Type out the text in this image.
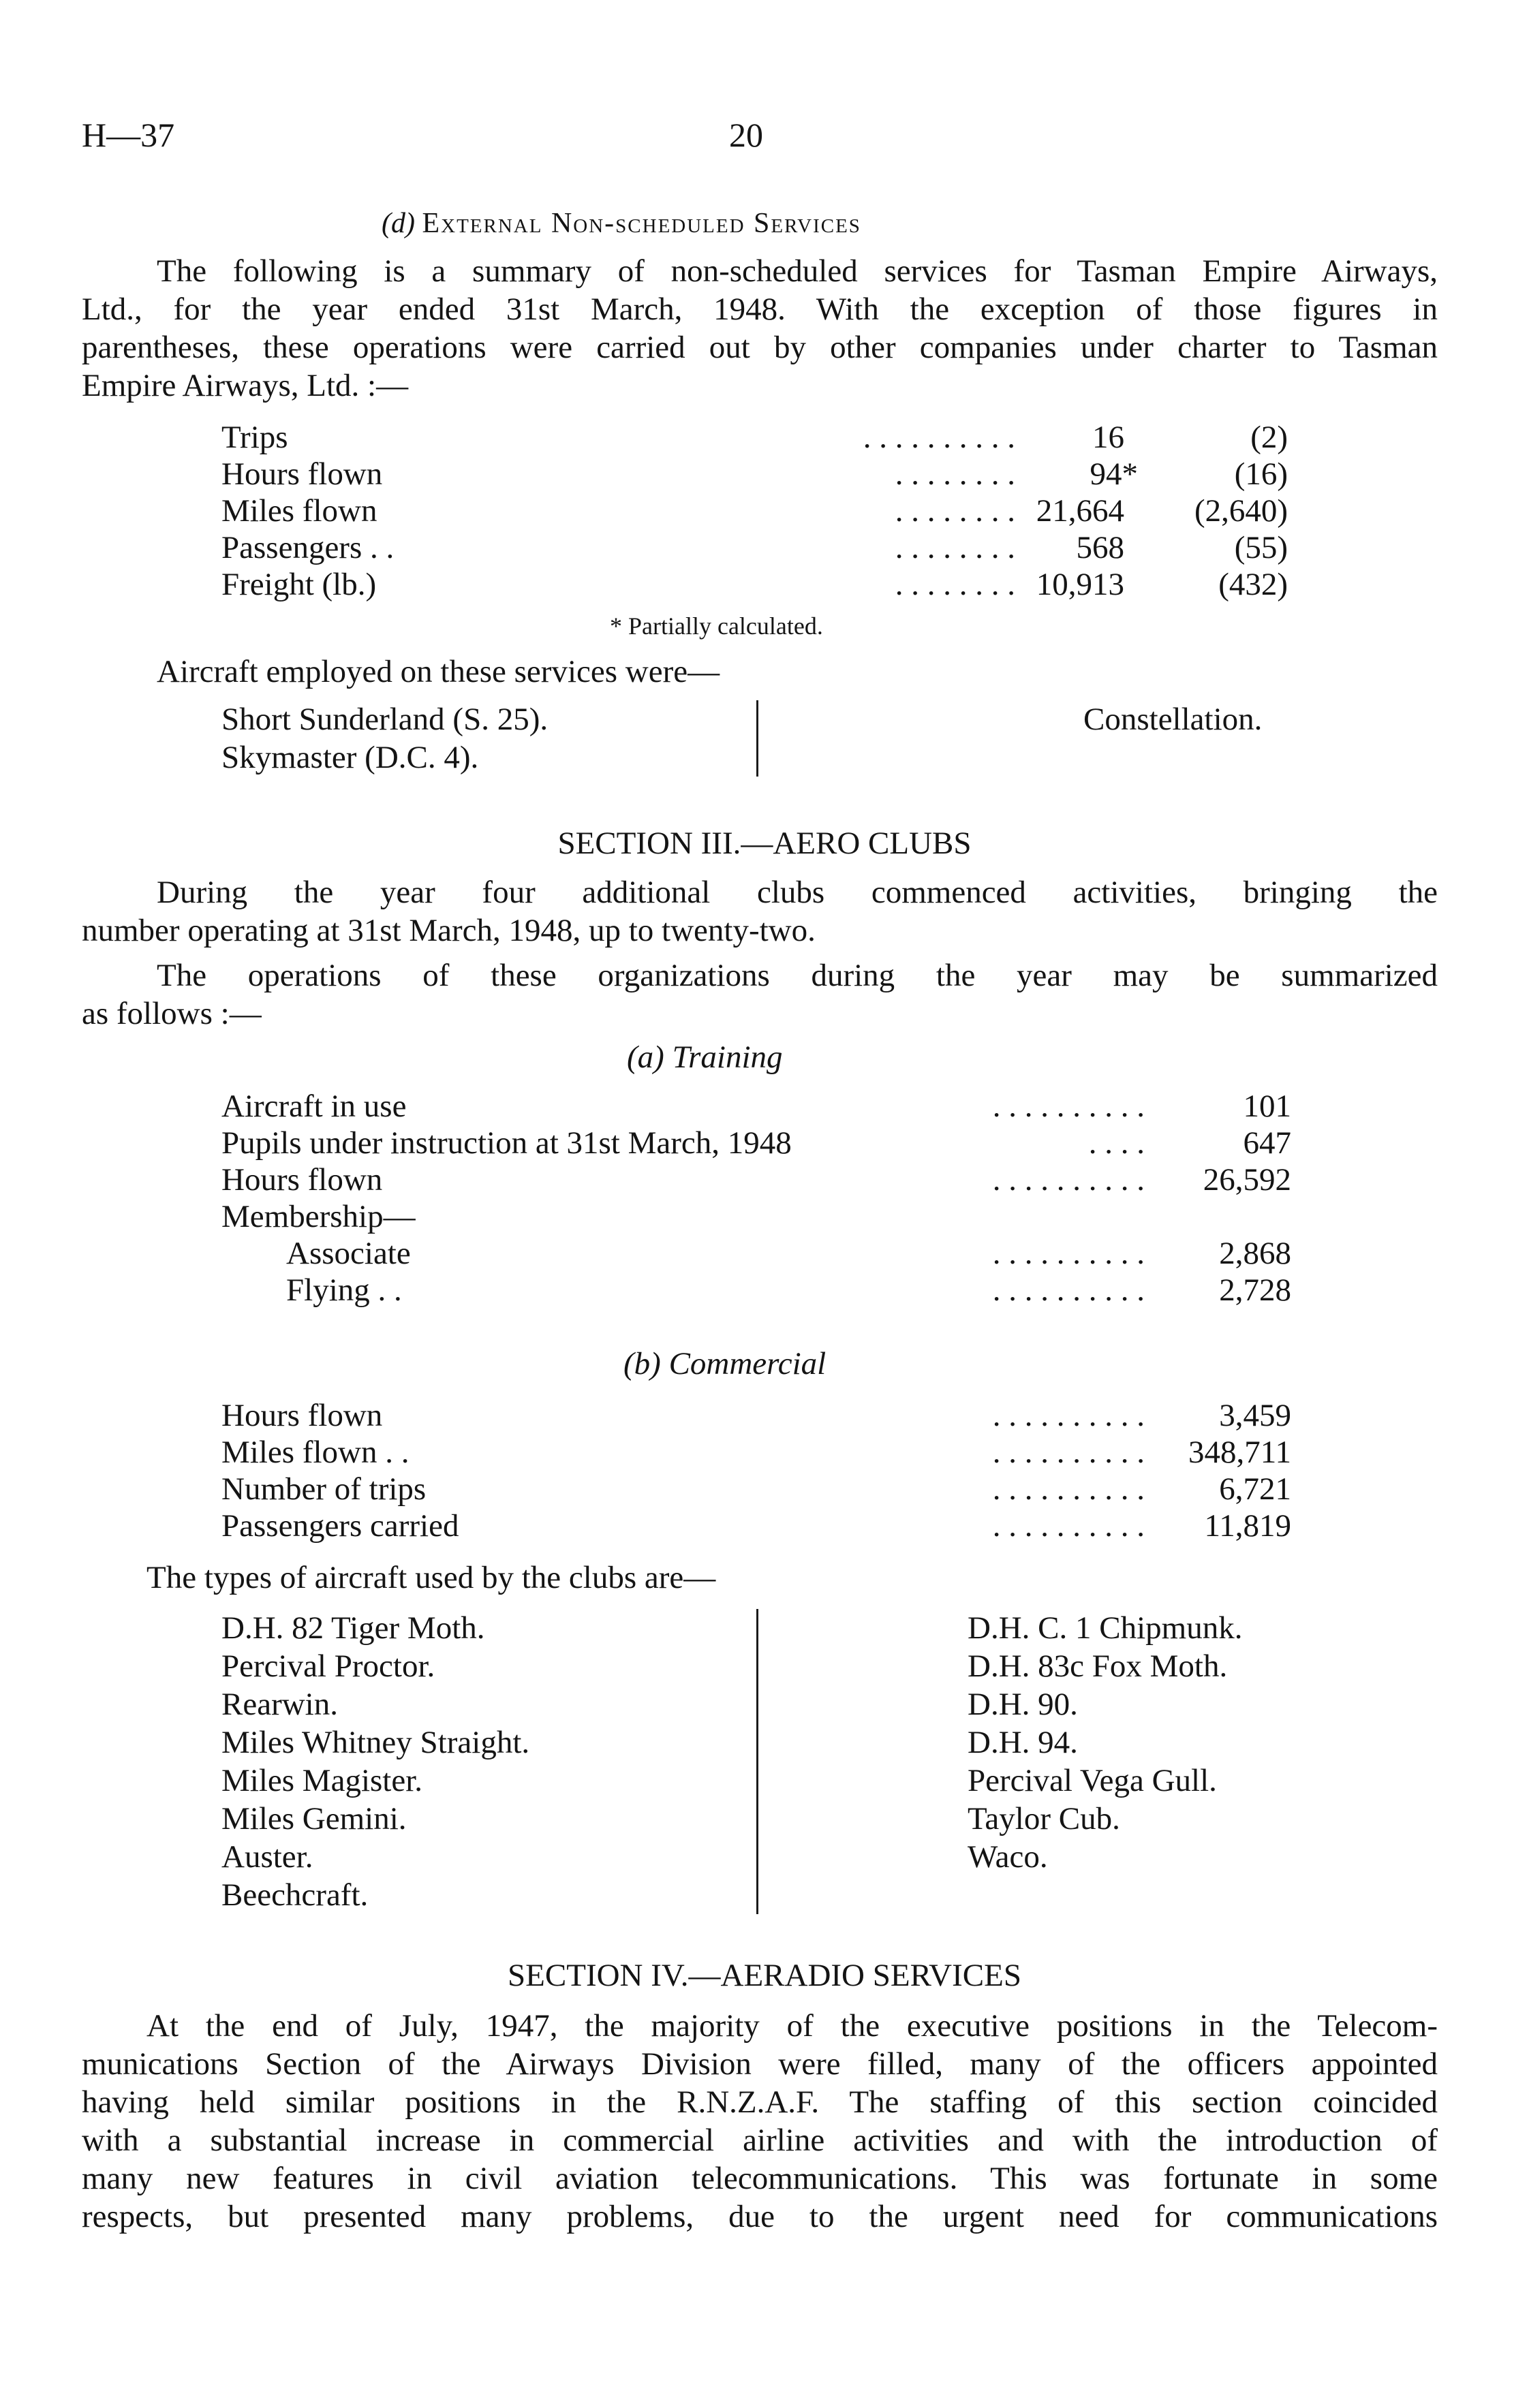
H—37	20
(d) External Non-scheduled Services
The following is a summary of non-scheduled services for Tasman Empire Airways,
Ltd., for the year ended 31st March, 1948. With the exception of those figures in
parentheses, these operations were carried out by other companies under charter to Tasman
Empire Airways, Ltd. :—
Trips	. . . . . . . . . .	16	(2)
Hours flown	. . . . . . . .	94*	(16)
Miles flown	. . . . . . . . 21,664	(2,640)
Passengers . .	. . . . . . . .	568	(55)
Freight (lb.)	. . . . . . . . 10,913	(432)
* Partially calculated.
Aircraft employed on these services were—
Short Sunderland (S. 25).
Skymaster (D.C. 4).
Constellation.
SECTION III.—AERO CLUBS
During the year four additional clubs commenced activities, bringing the
number operating at 31st March, 1948, up to twenty-two.
The operations of these organizations during the year may be summarized
as follows :—
(a) Training
Aircraft in use	. . . . . . . . . .	101
Pupils under instruction at 31st March, 1948	. . . .	647
Hours flown	. . . . . . . . . .	26,592
Membership—
Associate	. . . . . . . . . .	2,868
Flying . .	. . . . . . . . . .	2,728
(b) Commercial
Hours flown	. . . . . . . . . .	3,459
Miles flown . .	. . . . . . . . . .	348,711
Number of trips	. . . . . . . . . .	6,721
Passengers carried	. . . . . . . . . .	11,819
The types of aircraft used by the clubs are—
D.H. 82 Tiger Moth.
Percival Proctor.
Rearwin.
Miles Whitney Straight.
Miles Magister.
Miles Gemini.
Auster.
Beechcraft.
D.H. C. 1 Chipmunk.
D.H. 83c Fox Moth.
D.H. 90.
D.H. 94.
Percival Vega Gull.
Taylor Cub.
Waco.
SECTION IV.—AERADIO SERVICES
At the end of July, 1947, the majority of the executive positions in the Telecom-
munications Section of the Airways Division were filled, many of the officers appointed
having held similar positions in the R.N.Z.A.F. The staffing of this section coincided
with a substantial increase in commercial airline activities and with the introduction of
many new features in civil aviation telecommunications. This was fortunate in some
respects, but presented many problems, due to the urgent need for communications
